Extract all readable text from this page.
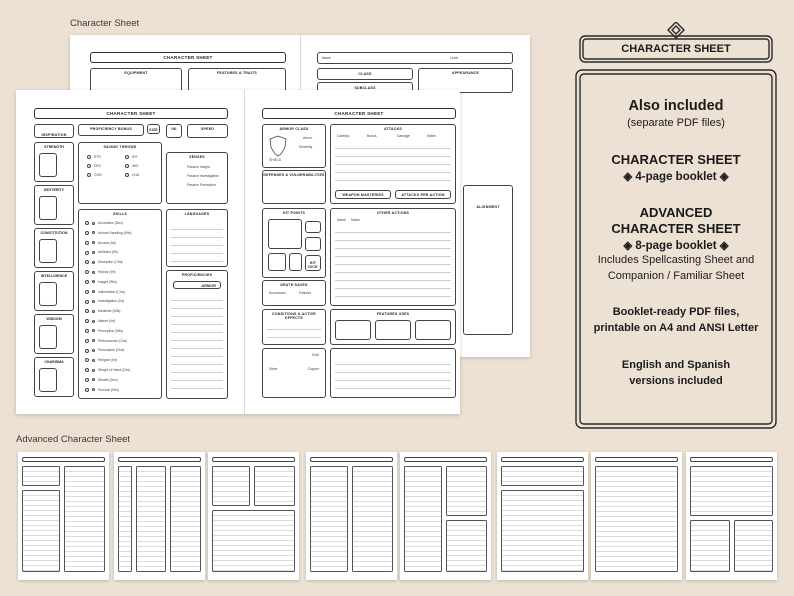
Character Sheet
Advanced Character Sheet
CHARACTER SHEET
EQUIPMENT	FEATURES & TRAITS
Name	Level
CLASS
SUBCLASS
APPEARANCE
ALIGNMENT
CHARACTER SHEET	CHARACTER SHEET
INSPIRATION
PROFICIENCY BONUS	SIZE	INI	SPEED
SAVING THROWS
STR
DEX
CON
INT
WIS
CHA
SENSES
Passive Insight
Passive Investigation
Passive Perception
SKILLS
Acrobatics (Dex)
Animal Handling (Wis)
Arcana (Int)
Athletics (Str)
Deception (Cha)
History (Int)
Insight (Wis)
Intimidation (Cha)
Investigation (Int)
Medicine (Wis)
Nature (Int)
Perception (Wis)
Performance (Cha)
Persuasion (Cha)
Religion (Int)
Sleight of Hand (Dex)
Stealth (Dex)
Survival (Wis)
LANGUAGES
PROFICIENCIES
ARMOR
ARMOR CLASS
SHIELD
Armor
Dexterity
DEFENSES & VULNERABILITIES
ATTACKS
Cantrips	Bonus	Damage	Notes
WEAPON MASTERIES	ATTACKS PER ACTION
HIT POINTS
HIT DICE
OTHER ACTIONS
Name Notes
DEATH SAVES
Successes	Failures
CONDITIONS & ACTIVE EFFECTS
FEATURES USES
Gold
Silver	Copper
STRENGTH
DEXTERITY
CONSTITUTION
INTELLIGENCE
WISDOM
CHARISMA
CHARACTER SHEET
Also included
(separate PDF files)
CHARACTER SHEET
◈ 4-page booklet ◈
ADVANCED
CHARACTER SHEET
◈ 8-page booklet ◈
Includes Spellcasting Sheet and
Companion / Familiar Sheet
Booklet-ready PDF files,
printable on A4 and ANSI Letter
English and Spanish
versions included
